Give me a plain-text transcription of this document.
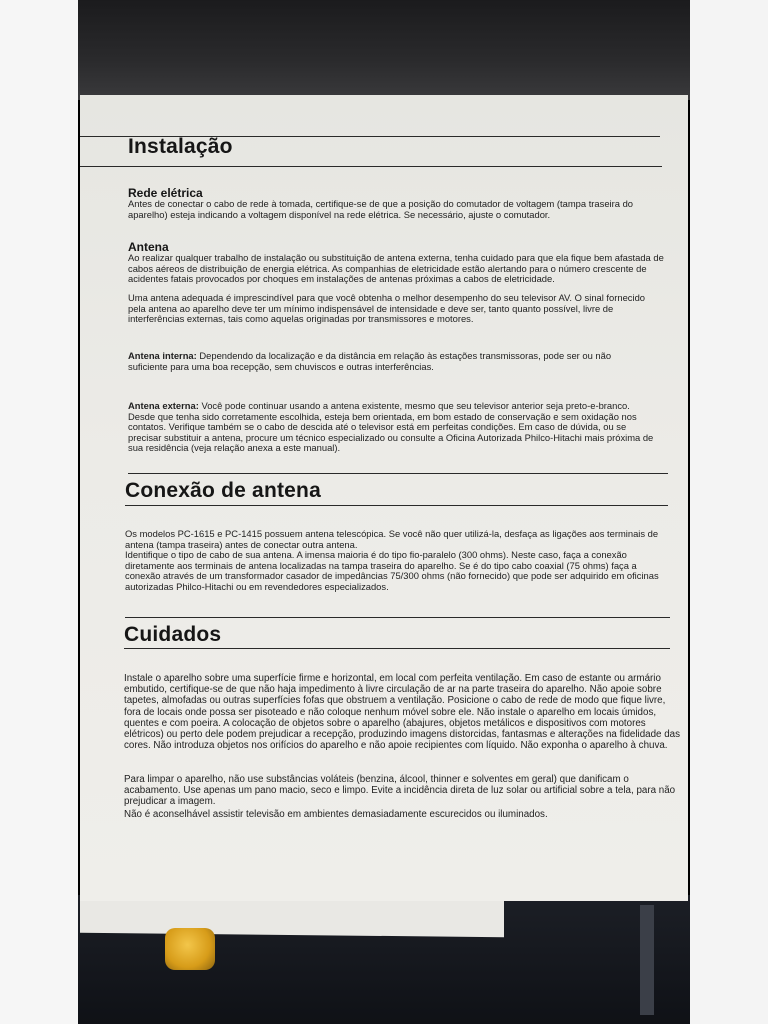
Instalação
Rede elétrica

Antes de conectar o cabo de rede à tomada, certifique-se de que a posição do comutador de voltagem (tampa traseira do aparelho) esteja indicando a voltagem disponível na rede elétrica. Se necessário, ajuste o comutador.

Antena

Ao realizar qualquer trabalho de instalação ou substituição de antena externa, tenha cuidado para que ela fique bem afastada de cabos aéreos de distribuição de energia elétrica. As companhias de eletricidade estão alertando para o número crescente de acidentes fatais provocados por choques em instalações de antenas próximas a cabos de eletricidade.

Uma antena adequada é imprescindível para que você obtenha o melhor desempenho do seu televisor AV. O sinal fornecido pela antena ao aparelho deve ter um mínimo indispensável de intensidade e deve ser, tanto quanto possível, livre de interferências externas, tais como aquelas originadas por transmissores e motores.

Antena interna: Dependendo da localização e da distância em relação às estações transmissoras, pode ser ou não suficiente para uma boa recepção, sem chuviscos e outras interferências.

Antena externa: Você pode continuar usando a antena existente, mesmo que seu televisor anterior seja preto-e-branco. Desde que tenha sido corretamente escolhida, esteja bem orientada, em bom estado de conservação e sem oxidação nos contatos. Verifique também se o cabo de descida até o televisor está em perfeitas condições. Em caso de dúvida, ou se precisar substituir a antena, procure um técnico especializado ou consulte a Oficina Autorizada Philco-Hitachi mais próxima de sua residência (veja relação anexa a este manual).

Conexão de antena

Os modelos PC-1615 e PC-1415 possuem antena telescópica. Se você não quer utilizá-la, desfaça as ligações aos terminais de antena (tampa traseira) antes de conectar outra antena.

Identifique o tipo de cabo de sua antena. A imensa maioria é do tipo fio-paralelo (300 ohms). Neste caso, faça a conexão diretamente aos terminais de antena localizadas na tampa traseira do aparelho. Se é do tipo cabo coaxial (75 ohms) faça a conexão através de um transformador casador de impedâncias 75/300 ohms (não fornecido) que pode ser adquirido em oficinas autorizadas Philco-Hitachi ou em revendedores especializados.

Cuidados

Instale o aparelho sobre uma superfície firme e horizontal, em local com perfeita ventilação. Em caso de estante ou armário embutido, certifique-se de que não haja impedimento à livre circulação de ar na parte traseira do aparelho. Não apoie sobre tapetes, almofadas ou outras superfícies fofas que obstruem a ventilação. Posicione o cabo de rede de modo que fique livre, fora de locais onde possa ser pisoteado e não coloque nenhum móvel sobre ele. Não instale o aparelho em locais úmidos, quentes e com poeira. A colocação de objetos sobre o aparelho (abajures, objetos metálicos e dispositivos com motores elétricos) ou perto dele podem prejudicar a recepção, produzindo imagens distorcidas, fantasmas e alterações na fidelidade das cores. Não introduza objetos nos orifícios do aparelho e não apoie recipientes com líquido. Não exponha o aparelho à chuva.

Para limpar o aparelho, não use substâncias voláteis (benzina, álcool, thinner e solventes em geral) que danificam o acabamento. Use apenas um pano macio, seco e limpo. Evite a incidência direta de luz solar ou artificial sobre a tela, para não prejudicar a imagem.

Não é aconselhável assistir televisão em ambientes demasiadamente escurecidos ou iluminados.
